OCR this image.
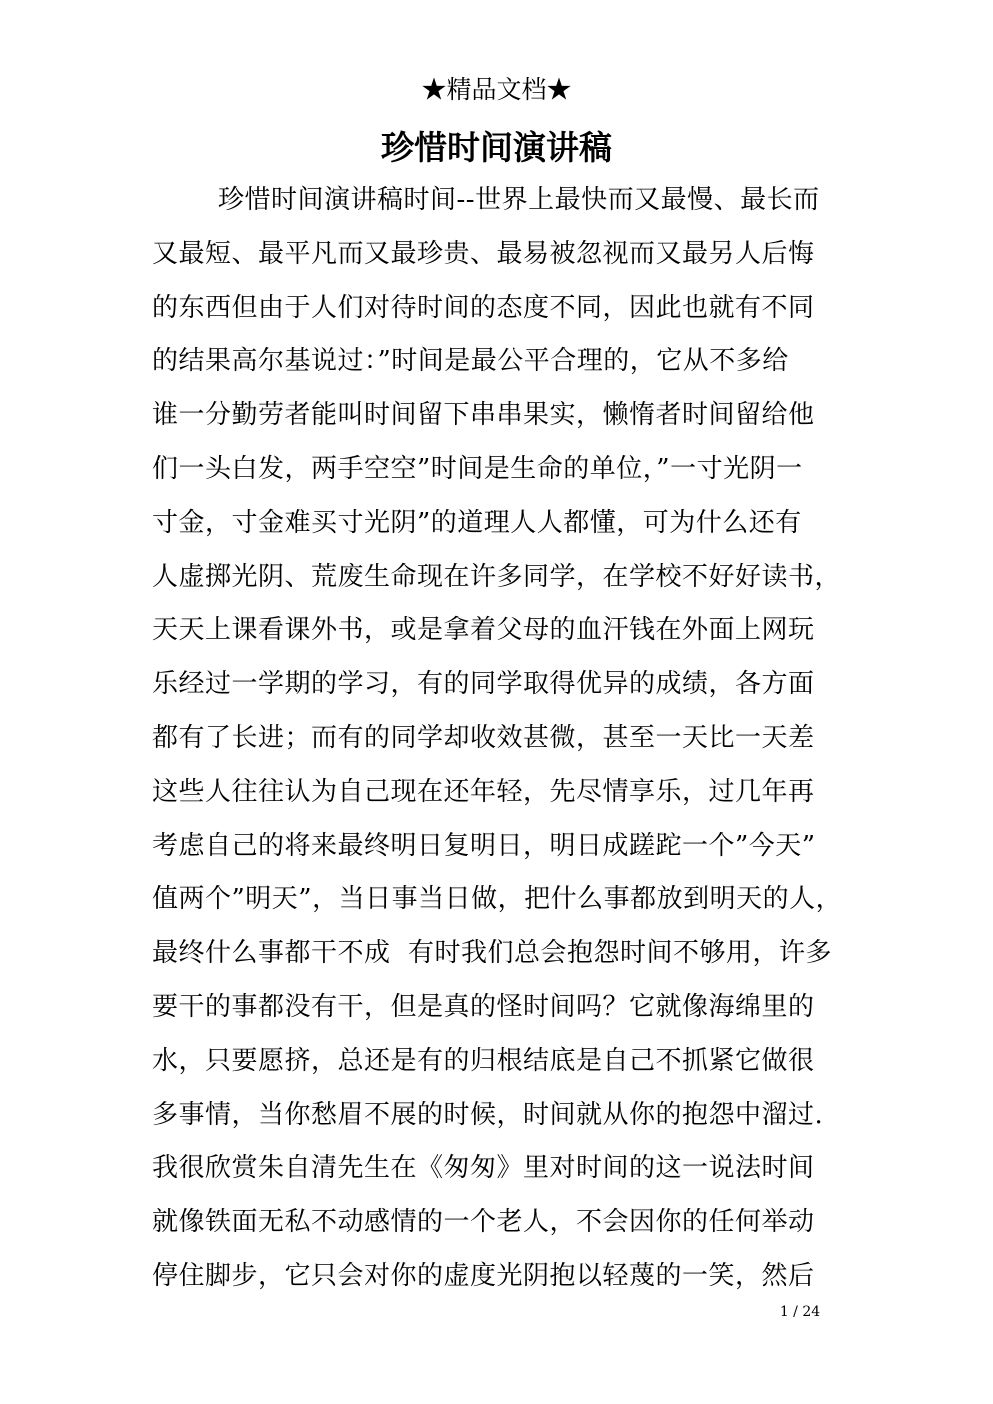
★精品文档★
珍惜时间演讲稿
珍惜时间演讲稿时间--世界上最快而又最慢、最长而
又最短、最平凡而又最珍贵、最易被忽视而又最另人后悔
的东西但由于人们对待时间的态度不同，因此也就有不同
的结果高尔基说过：”时间是最公平合理的，它从不多给
谁一分勤劳者能叫时间留下串串果实，懒惰者时间留给他
们一头白发，两手空空”时间是生命的单位，”一寸光阴一
寸金，寸金难买寸光阴”的道理人人都懂，可为什么还有
人虚掷光阴、荒废生命现在许多同学，在学校不好好读书，
天天上课看课外书，或是拿着父母的血汗钱在外面上网玩
乐经过一学期的学习，有的同学取得优异的成绩，各方面
都有了长进；而有的同学却收效甚微，甚至一天比一天差
这些人往往认为自己现在还年轻，先尽情享乐，过几年再
考虑自己的将来最终明日复明日，明日成蹉跎一个”今天”
值两个”明天”，当日事当日做，把什么事都放到明天的人，
最终什么事都干不成  有时我们总会抱怨时间不够用，许多
要干的事都没有干，但是真的怪时间吗？它就像海绵里的
水，只要愿挤，总还是有的归根结底是自己不抓紧它做很
多事情，当你愁眉不展的时候，时间就从你的抱怨中溜过.
我很欣赏朱自清先生在《匆匆》里对时间的这一说法时间
就像铁面无私不动感情的一个老人，不会因你的任何举动
停住脚步，它只会对你的虚度光阴抱以轻蔑的一笑，然后
1 / 24
